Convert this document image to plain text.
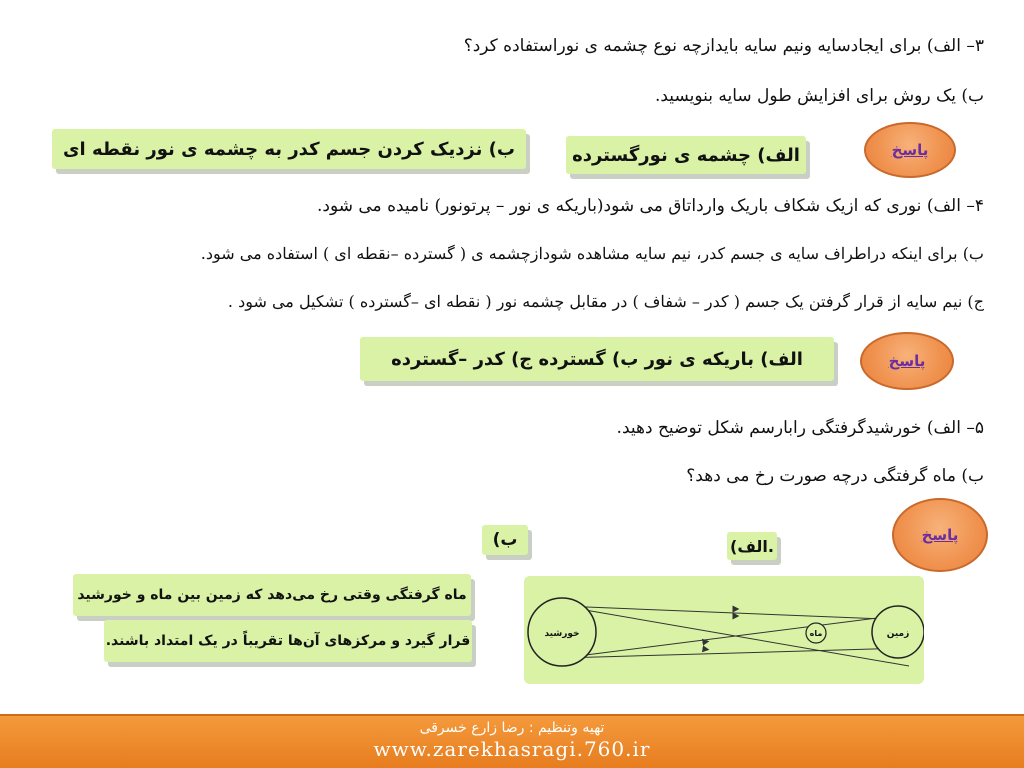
۳– الف) برای ایجادسایه ونیم سایه بایدازچه نوع چشمه ی نوراستفاده کرد؟
ب) یک روش برای افزایش طول سایه بنویسید.
ب) نزدیک کردن جسم کدر به چشمه ی نور نقطه ای	الف) چشمه ی نورگسترده	پاسخ
۴– الف) نوری که ازیک شکاف باریک وارداتاق می شود(باریکه ی نور – پرتونور) نامیده می شود.
ب) برای اینکه دراطراف سایه ی جسم کدر، نیم سایه مشاهده شودازچشمه ی ( گسترده –نقطه ای ) استفاده می شود.
ج) نیم سایه از قرار گرفتن یک جسم ( کدر – شفاف ) در مقابل چشمه نور ( نقطه ای –گسترده ) تشکیل می شود .
الف) باریکه ی نور ب) گسترده ج) کدر –گسترده	پاسخ
۵– الف) خورشیدگرفتگی رابارسم شکل توضیح دهید.
ب) ماه گرفتگی درچه صورت رخ می دهد؟
پاسخ
ب)	.الف)
ماه گرفتگی وقتی رخ می‌دهد که زمین بین ماه و خورشید
قرار گیرد و مرکزهای آن‌ها تقریباً در یک امتداد باشند.	خورشید	ماه	زمین
تهیه وتنظیم : رضا زارع خسرقی
www.zarekhasragi.760.ir
